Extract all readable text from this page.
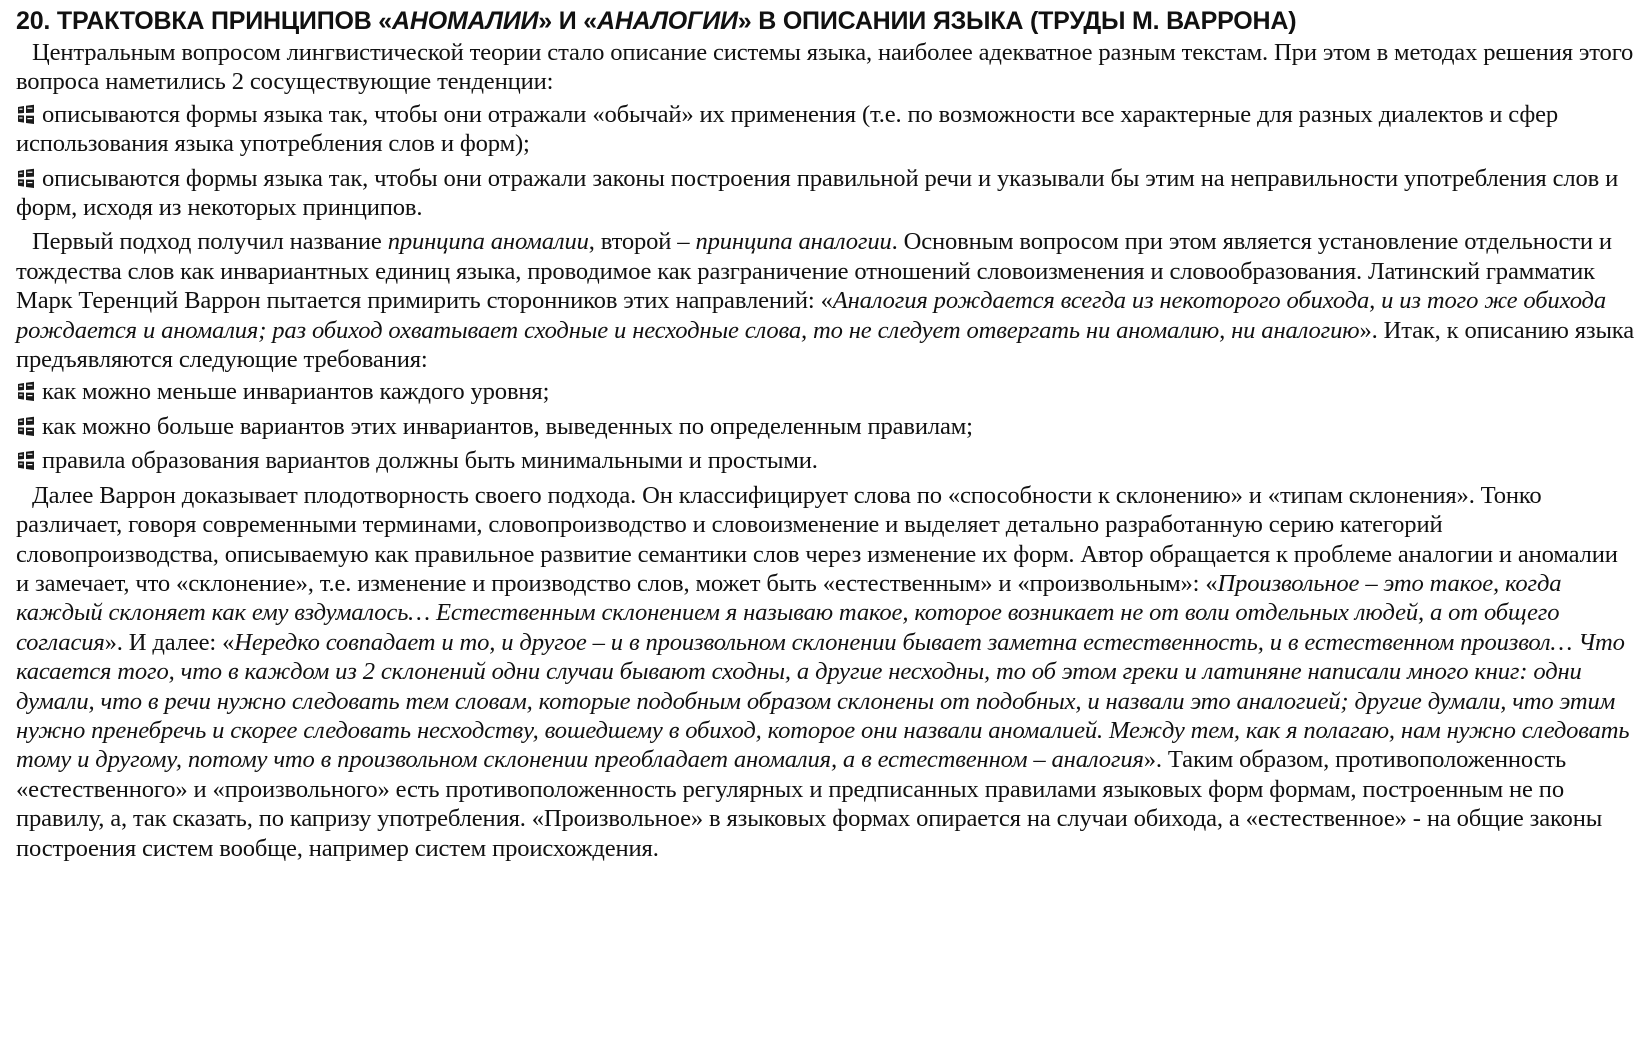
20. ТРАКТОВКА ПРИНЦИПОВ «АНОМАЛИИ» И «АНАЛОГИИ» В ОПИСАНИИ ЯЗЫКА (ТРУДЫ М. ВАРРОНА)

Центральным вопросом лингвистической теории стало описание системы языка, наиболее адекватное разным текстам. При этом в методах решения этого вопроса наметились 2 сосуществующие тенденции:

описываются формы языка так, чтобы они отражали «обычай» их применения (т.е. по возможности все характерные для разных диалектов и сфер использования языка употребления слов и форм);
описываются формы языка так, чтобы они отражали законы построения правильной речи и указывали бы этим на неправильности употребления слов и форм, исходя из некоторых принципов.

Первый подход получил название принципа аномалии, второй – принципа аналогии. Основным вопросом при этом является установление отдельности и тождества слов как инвариантных единиц языка, проводимое как разграничение отношений словоизменения и словообразования. Латинский грамматик Марк Теренций Варрон пытается примирить сторонников этих направлений: «Аналогия рождается всегда из некоторого обихода, и из того же обихода рождается и аномалия; раз обиход охватывает сходные и несходные слова, то не следует отвергать ни аномалию, ни аналогию». Итак, к описанию языка предъявляются следующие требования:

как можно меньше инвариантов каждого уровня;
как можно больше вариантов этих инвариантов, выведенных по определенным правилам;
правила образования вариантов должны быть минимальными и простыми.

Далее Варрон доказывает плодотворность своего подхода. Он классифицирует слова по «способности к склонению» и «типам склонения». Тонко различает, говоря современными терминами, словопроизводство и словоизменение и выделяет детально разработанную серию категорий словопроизводства, описываемую как правильное развитие семантики слов через изменение их форм. Автор обращается к проблеме аналогии и аномалии и замечает, что «склонение», т.е. изменение и производство слов, может быть «естественным» и «произвольным»: «Произвольное – это такое, когда каждый склоняет как ему вздумалось… Естественным склонением я называю такое, которое возникает не от воли отдельных людей, а от общего согласия». И далее: «Нередко совпадает и то, и другое – и в произвольном склонении бывает заметна естественность, и в естественном произвол… Что касается того, что в каждом из 2 склонений одни случаи бывают сходны, а другие несходны, то об этом греки и латиняне написали много книг: одни думали, что в речи нужно следовать тем словам, которые подобным образом склонены от подобных, и назвали это аналогией; другие думали, что этим нужно пренебречь и скорее следовать несходству, вошедшему в обиход, которое они назвали аномалией. Между тем, как я полагаю, нам нужно следовать тому и другому, потому что в произвольном склонении преобладает аномалия, а в естественном – аналогия». Таким образом, противоположенность «естественного» и «произвольного» есть противоположенность регулярных и предписанных правилами языковых форм формам, построенным не по правилу, а, так сказать, по капризу употребления. «Произвольное» в языковых формах опирается на случаи обихода, а «естественное» - на общие законы построения систем вообще, например систем происхождения.
